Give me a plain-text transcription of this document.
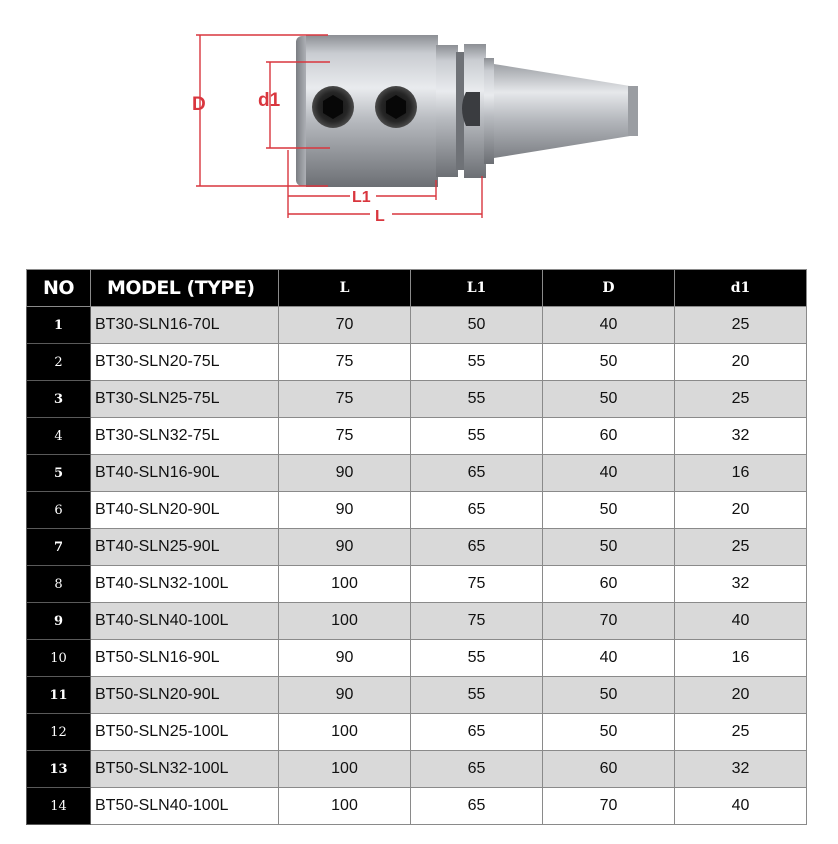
D	d1
L1
L
NO	MODEL (TYPE)	L	L1	D	d1
1	BT30-SLN16-70L	70	50	40	25
2	BT30-SLN20-75L	75	55	50	20
3	BT30-SLN25-75L	75	55	50	25
4	BT30-SLN32-75L	75	55	60	32
5	BT40-SLN16-90L	90	65	40	16
6	BT40-SLN20-90L	90	65	50	20
7	BT40-SLN25-90L	90	65	50	25
8	BT40-SLN32-100L	100	75	60	32
9	BT40-SLN40-100L	100	75	70	40
10	BT50-SLN16-90L	90	55	40	16
11	BT50-SLN20-90L	90	55	50	20
12	BT50-SLN25-100L	100	65	50	25
13	BT50-SLN32-100L	100	65	60	32
14	BT50-SLN40-100L	100	65	70	40
